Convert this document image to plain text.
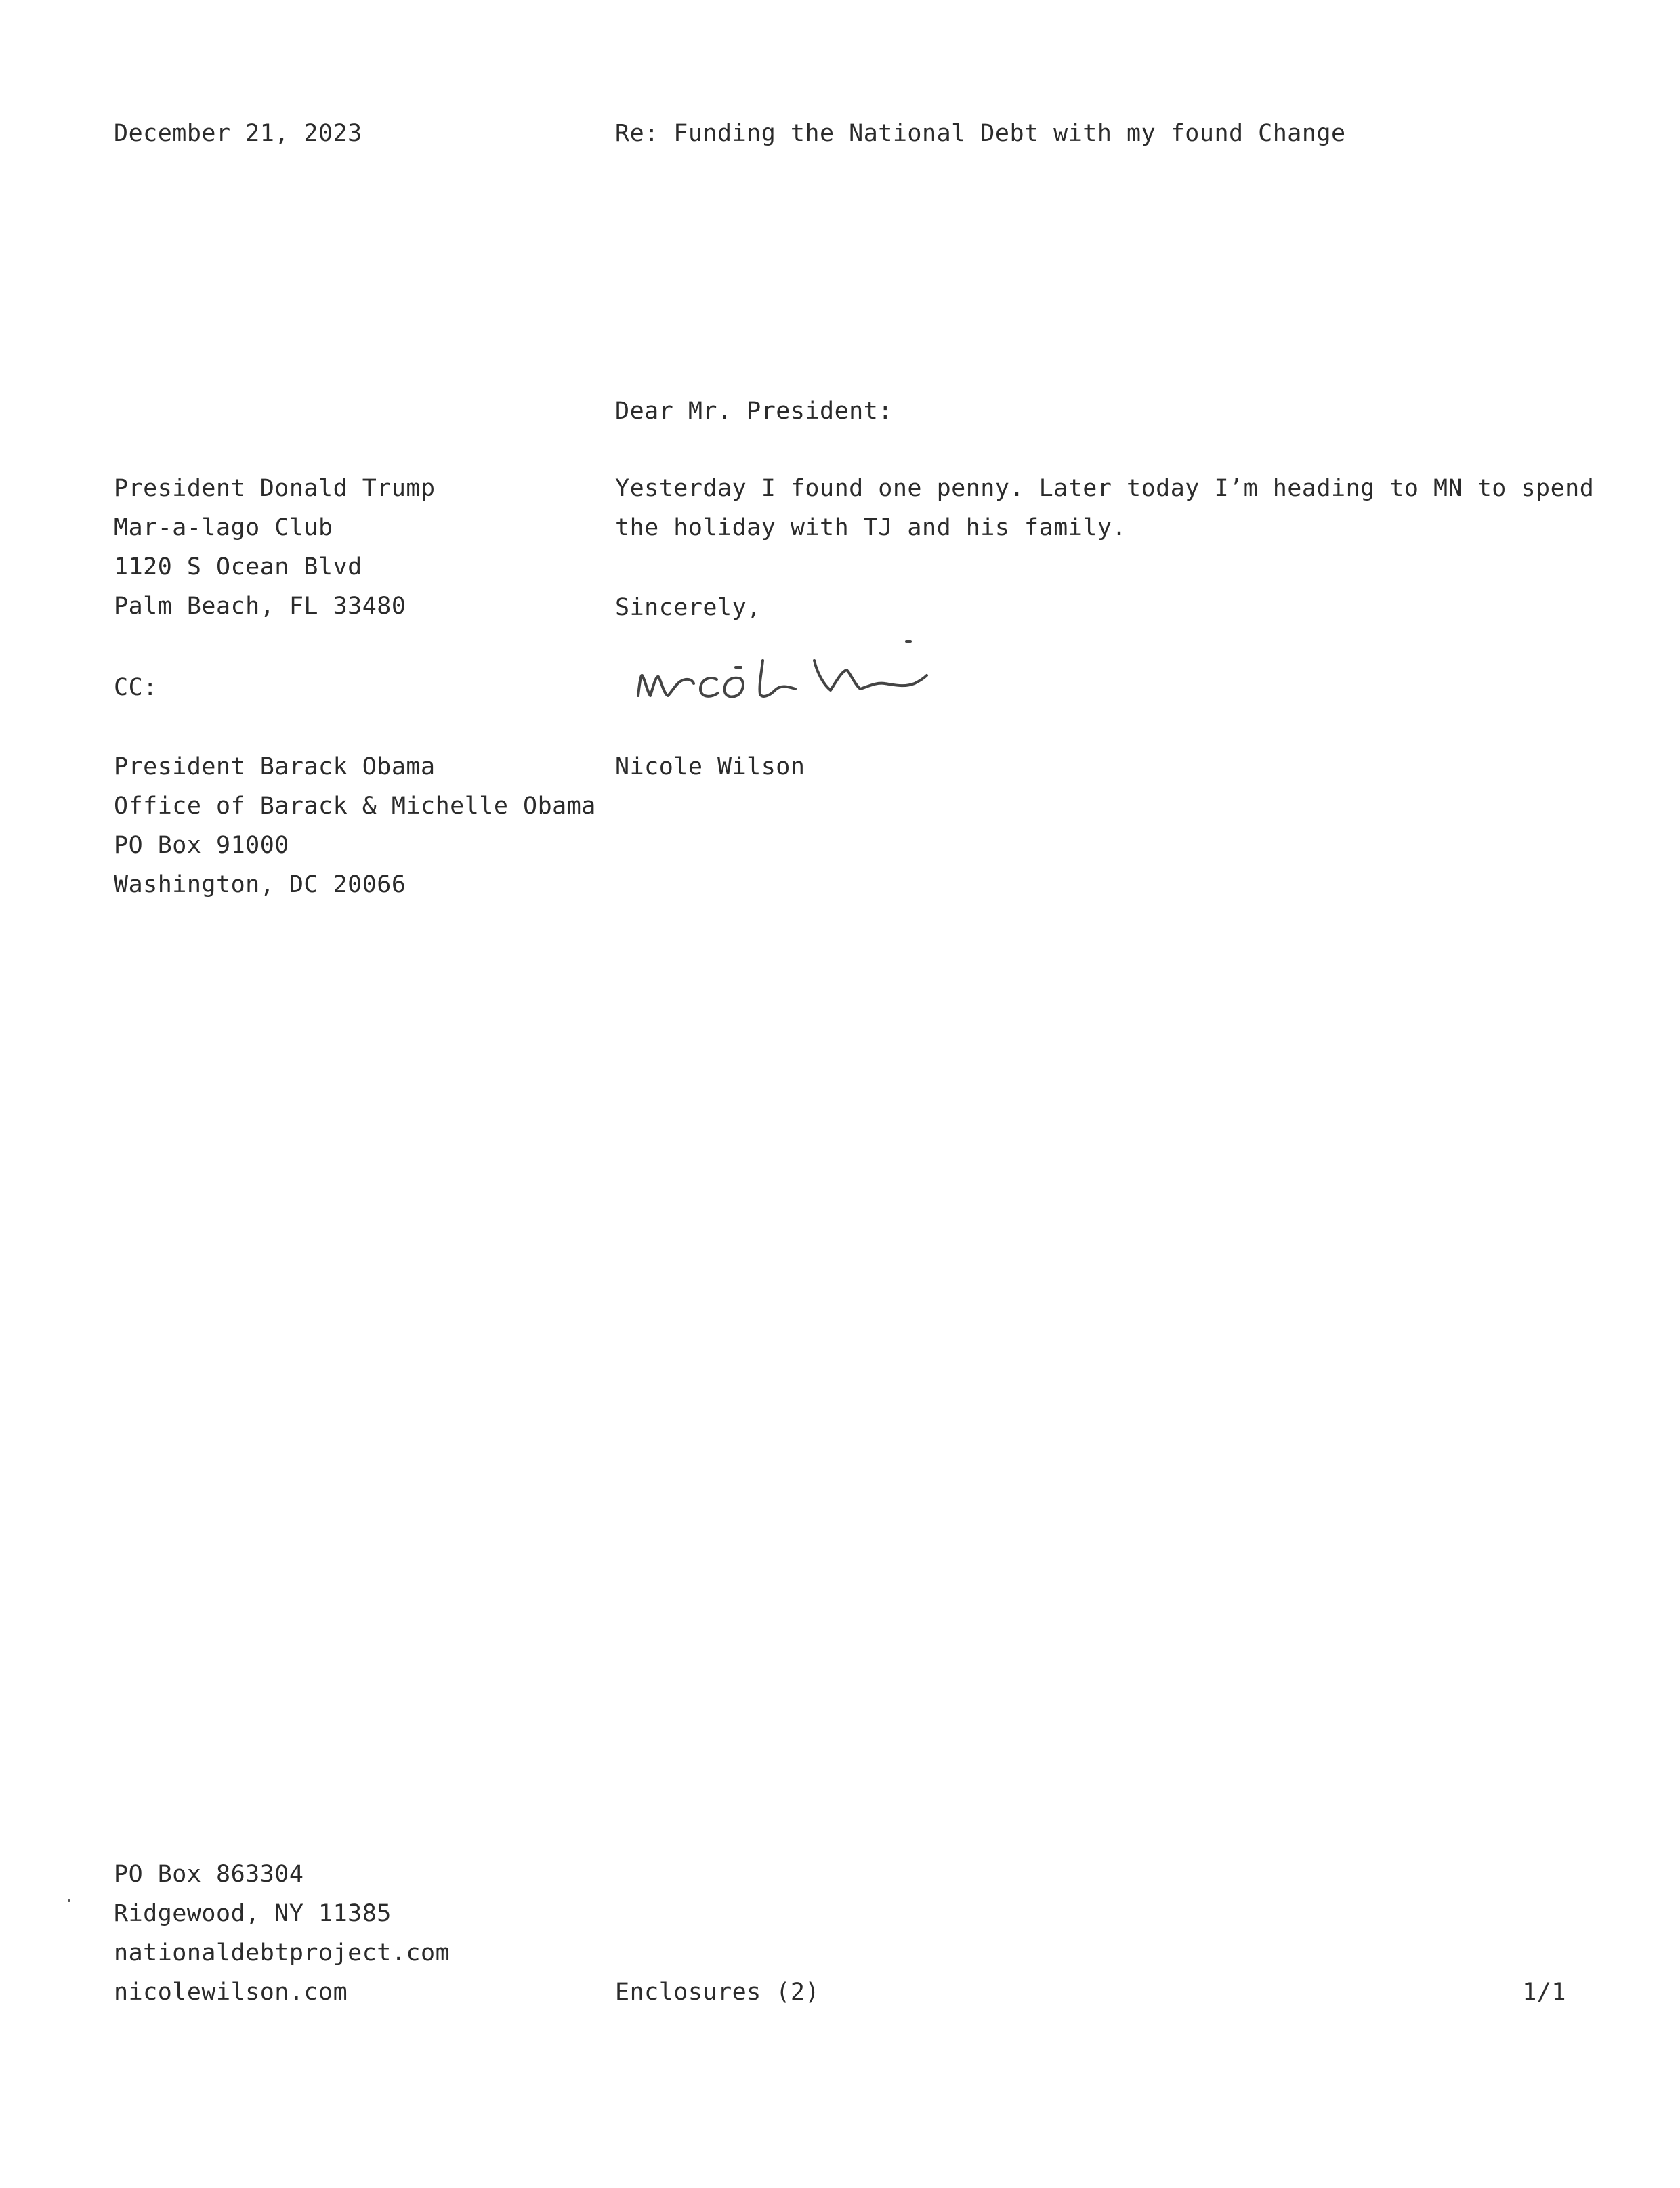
December 21, 2023	Re: Funding the National Debt with my found Change
Dear Mr. President:
President Donald Trump
Mar-a-lago Club
1120 S Ocean Blvd
Palm Beach, FL 33480
Yesterday I found one penny. Later today I’m heading to MN to spend
the holiday with TJ and his family.
Sincerely,
CC:
Nicole Wilson
President Barack Obama
Office of Barack & Michelle Obama
PO Box 91000
Washington, DC 20066
PO Box 863304
Ridgewood, NY 11385
nationaldebtproject.com
nicolewilson.com	Enclosures (2)	1/1
